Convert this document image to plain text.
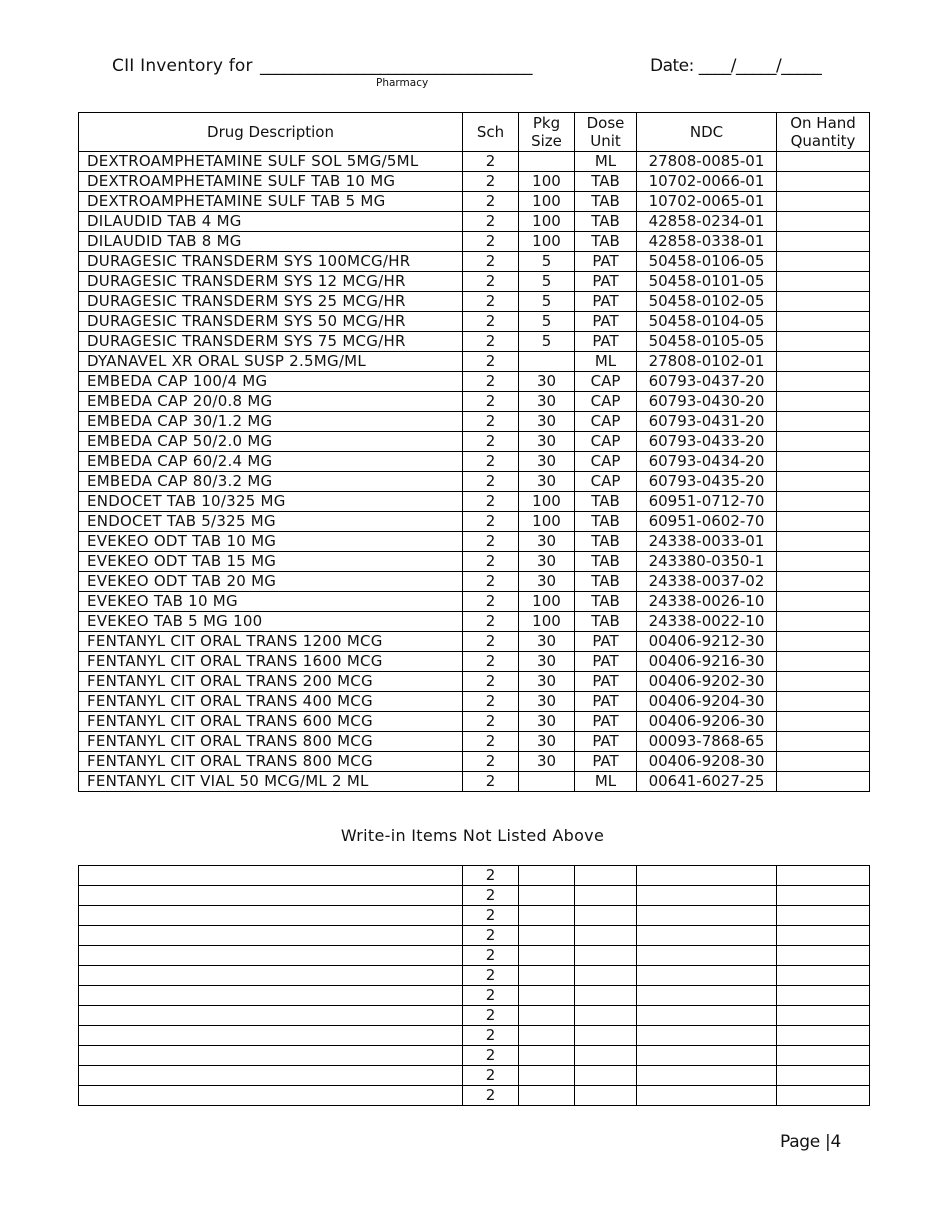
CII Inventory for __________________________________
Pharmacy
Date: ____/_____/_____
Drug Description	Sch	Pkg Size	Dose Unit	NDC	On Hand Quantity
DEXTROAMPHETAMINE SULF SOL 5MG/5ML	2		ML	27808-0085-01	
DEXTROAMPHETAMINE SULF TAB 10 MG	2	100	TAB	10702-0066-01	
DEXTROAMPHETAMINE SULF TAB 5 MG	2	100	TAB	10702-0065-01	
DILAUDID TAB 4 MG	2	100	TAB	42858-0234-01	
DILAUDID TAB 8 MG	2	100	TAB	42858-0338-01	
DURAGESIC TRANSDERM SYS 100MCG/HR	2	5	PAT	50458-0106-05	
DURAGESIC TRANSDERM SYS 12 MCG/HR	2	5	PAT	50458-0101-05	
DURAGESIC TRANSDERM SYS 25 MCG/HR	2	5	PAT	50458-0102-05	
DURAGESIC TRANSDERM SYS 50 MCG/HR	2	5	PAT	50458-0104-05	
DURAGESIC TRANSDERM SYS 75 MCG/HR	2	5	PAT	50458-0105-05	
DYANAVEL XR ORAL SUSP 2.5MG/ML	2		ML	27808-0102-01	
EMBEDA CAP 100/4 MG	2	30	CAP	60793-0437-20	
EMBEDA CAP 20/0.8 MG	2	30	CAP	60793-0430-20	
EMBEDA CAP 30/1.2 MG	2	30	CAP	60793-0431-20	
EMBEDA CAP 50/2.0 MG	2	30	CAP	60793-0433-20	
EMBEDA CAP 60/2.4 MG	2	30	CAP	60793-0434-20	
EMBEDA CAP 80/3.2 MG	2	30	CAP	60793-0435-20	
ENDOCET TAB 10/325 MG	2	100	TAB	60951-0712-70	
ENDOCET TAB 5/325 MG	2	100	TAB	60951-0602-70	
EVEKEO ODT TAB 10 MG	2	30	TAB	24338-0033-01	
EVEKEO ODT TAB 15 MG	2	30	TAB	243380-0350-1	
EVEKEO ODT TAB 20 MG	2	30	TAB	24338-0037-02	
EVEKEO TAB 10 MG	2	100	TAB	24338-0026-10	
EVEKEO TAB 5 MG 100	2	100	TAB	24338-0022-10	
FENTANYL CIT ORAL TRANS 1200 MCG	2	30	PAT	00406-9212-30	
FENTANYL CIT ORAL TRANS 1600 MCG	2	30	PAT	00406-9216-30	
FENTANYL CIT ORAL TRANS 200 MCG	2	30	PAT	00406-9202-30	
FENTANYL CIT ORAL TRANS 400 MCG	2	30	PAT	00406-9204-30	
FENTANYL CIT ORAL TRANS 600 MCG	2	30	PAT	00406-9206-30	
FENTANYL CIT ORAL TRANS 800 MCG	2	30	PAT	00093-7868-65	
FENTANYL CIT ORAL TRANS 800 MCG	2	30	PAT	00406-9208-30	
FENTANYL CIT VIAL 50 MCG/ML 2 ML	2		ML	00641-6027-25	
Write-in Items Not Listed Above
	2				
	2				
	2				
	2				
	2				
	2				
	2				
	2				
	2				
	2				
	2				
	2				
Page |4
